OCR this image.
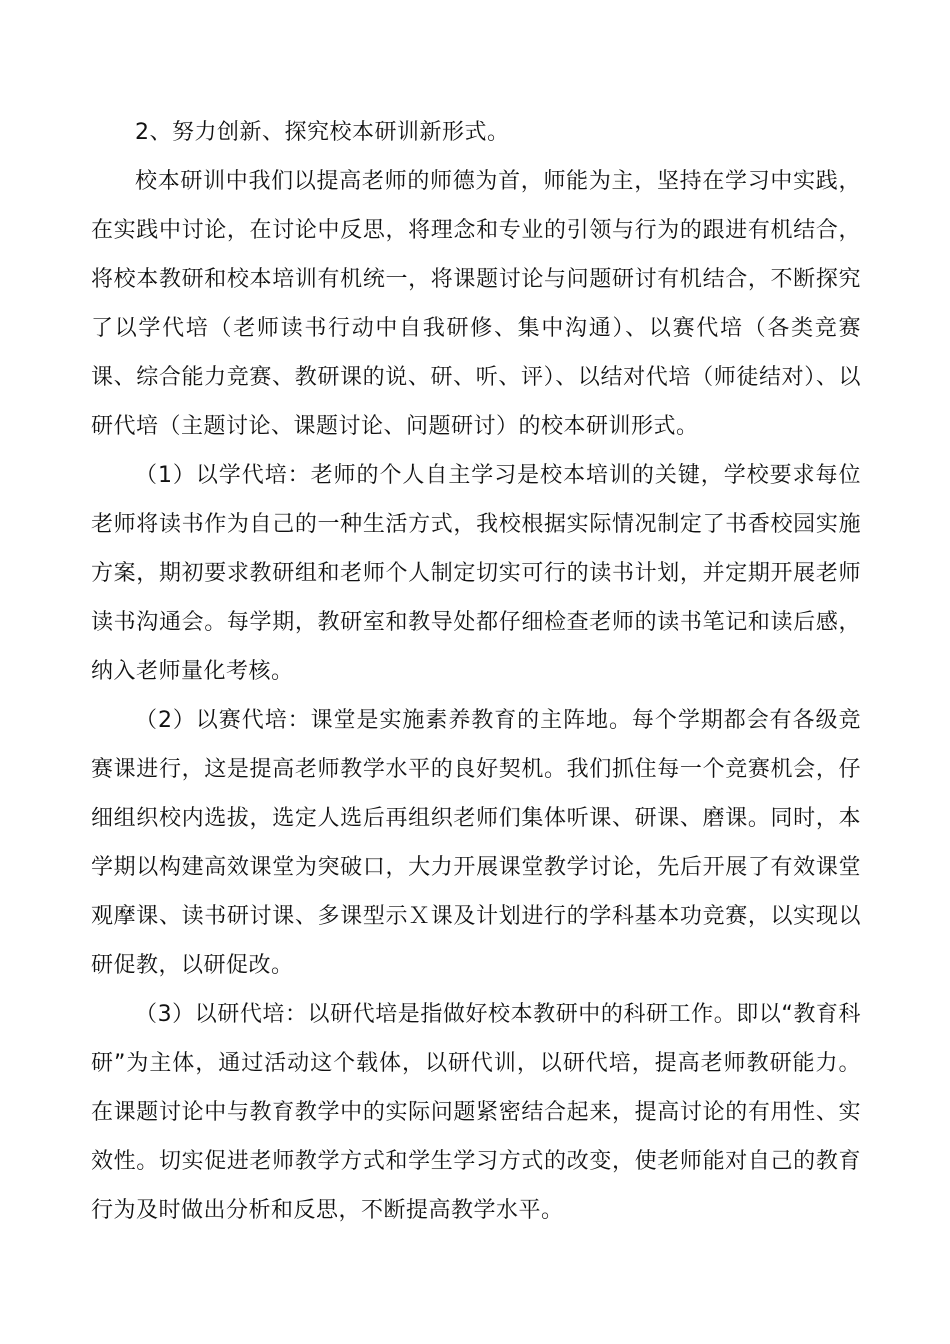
2、努力创新、探究校本研训新形式。

校本研训中我们以提高老师的师德为首，师能为主，坚持在学习中实践，在实践中讨论，在讨论中反思，将理念和专业的引领与行为的跟进有机结合，将校本教研和校本培训有机统一，将课题讨论与问题研讨有机结合，不断探究了以学代培（老师读书行动中自我研修、集中沟通）、以赛代培（各类竞赛课、综合能力竞赛、教研课的说、研、听、评）、以结对代培（师徒结对）、以研代培（主题讨论、课题讨论、问题研讨）的校本研训形式。

（1）以学代培：老师的个人自主学习是校本培训的关键，学校要求每位老师将读书作为自己的一种生活方式，我校根据实际情况制定了书香校园实施方案，期初要求教研组和老师个人制定切实可行的读书计划，并定期开展老师读书沟通会。每学期，教研室和教导处都仔细检查老师的读书笔记和读后感，纳入老师量化考核。

（2）以赛代培：课堂是实施素养教育的主阵地。每个学期都会有各级竞赛课进行，这是提高老师教学水平的良好契机。我们抓住每一个竞赛机会，仔细组织校内选拔，选定人选后再组织老师们集体听课、研课、磨课。同时，本学期以构建高效课堂为突破口，大力开展课堂教学讨论，先后开展了有效课堂观摩课、读书研讨课、多课型示Ｘ课及计划进行的学科基本功竞赛，以实现以研促教，以研促改。

（3）以研代培：以研代培是指做好校本教研中的科研工作。即以“教育科研”为主体，通过活动这个载体，以研代训，以研代培，提高老师教研能力。在课题讨论中与教育教学中的实际问题紧密结合起来，提高讨论的有用性、实效性。切实促进老师教学方式和学生学习方式的改变，使老师能对自己的教育行为及时做出分析和反思，不断提高教学水平。
